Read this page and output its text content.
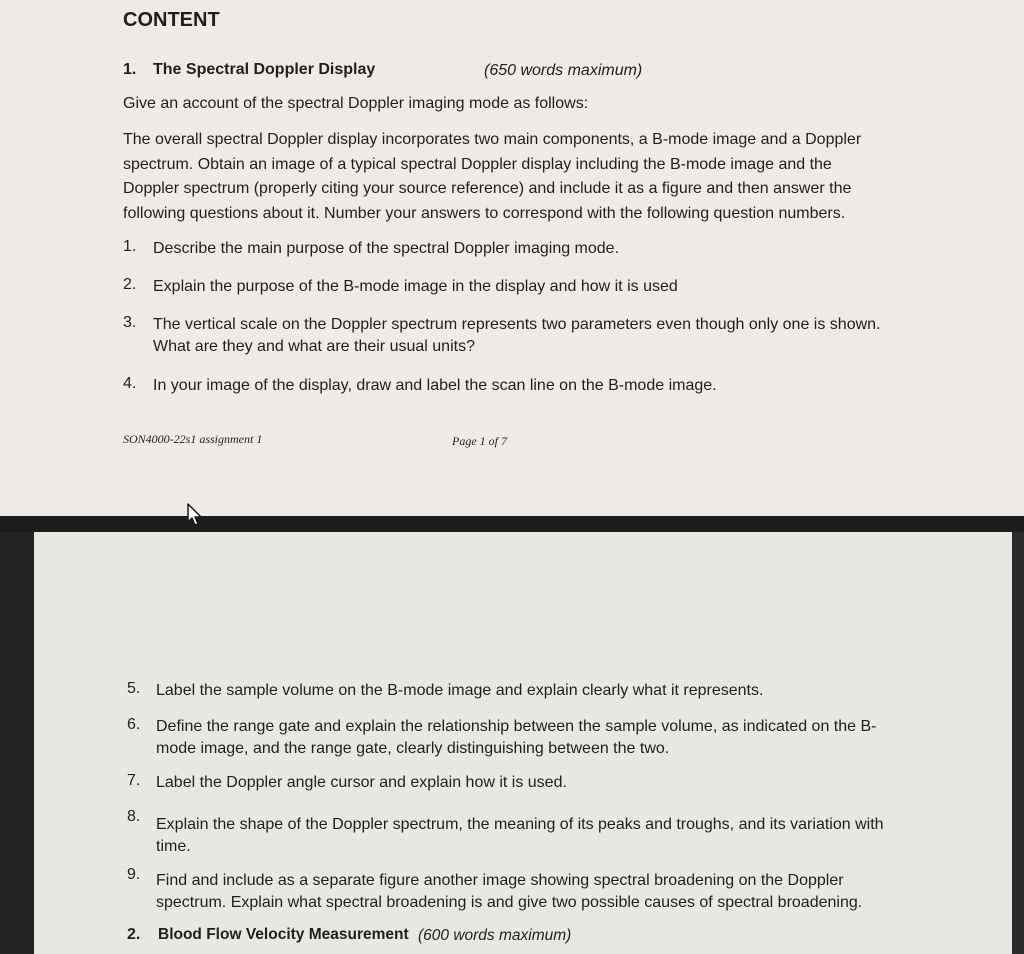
CONTENT
1. The Spectral Doppler Display	(650 words maximum)
Give an account of the spectral Doppler imaging mode as follows:
The overall spectral Doppler display incorporates two main components, a B-mode image and a Doppler
spectrum. Obtain an image of a typical spectral Doppler display including the B-mode image and the
Doppler spectrum (properly citing your source reference) and include it as a figure and then answer the
following questions about it. Number your answers to correspond with the following question numbers.
1. Describe the main purpose of the spectral Doppler imaging mode.
2. Explain the purpose of the B-mode image in the display and how it is used
3. The vertical scale on the Doppler spectrum represents two parameters even though only one is shown.
What are they and what are their usual units?
4. In your image of the display, draw and label the scan line on the B-mode image.
SON4000-22s1 assignment 1	Page 1 of 7
5. Label the sample volume on the B-mode image and explain clearly what it represents.
6. Define the range gate and explain the relationship between the sample volume, as indicated on the B-
mode image, and the range gate, clearly distinguishing between the two.
7. Label the Doppler angle cursor and explain how it is used.
8. Explain the shape of the Doppler spectrum, the meaning of its peaks and troughs, and its variation with
time.
9. Find and include as a separate figure another image showing spectral broadening on the Doppler
spectrum. Explain what spectral broadening is and give two possible causes of spectral broadening.
2. Blood Flow Velocity Measurement (600 words maximum)
